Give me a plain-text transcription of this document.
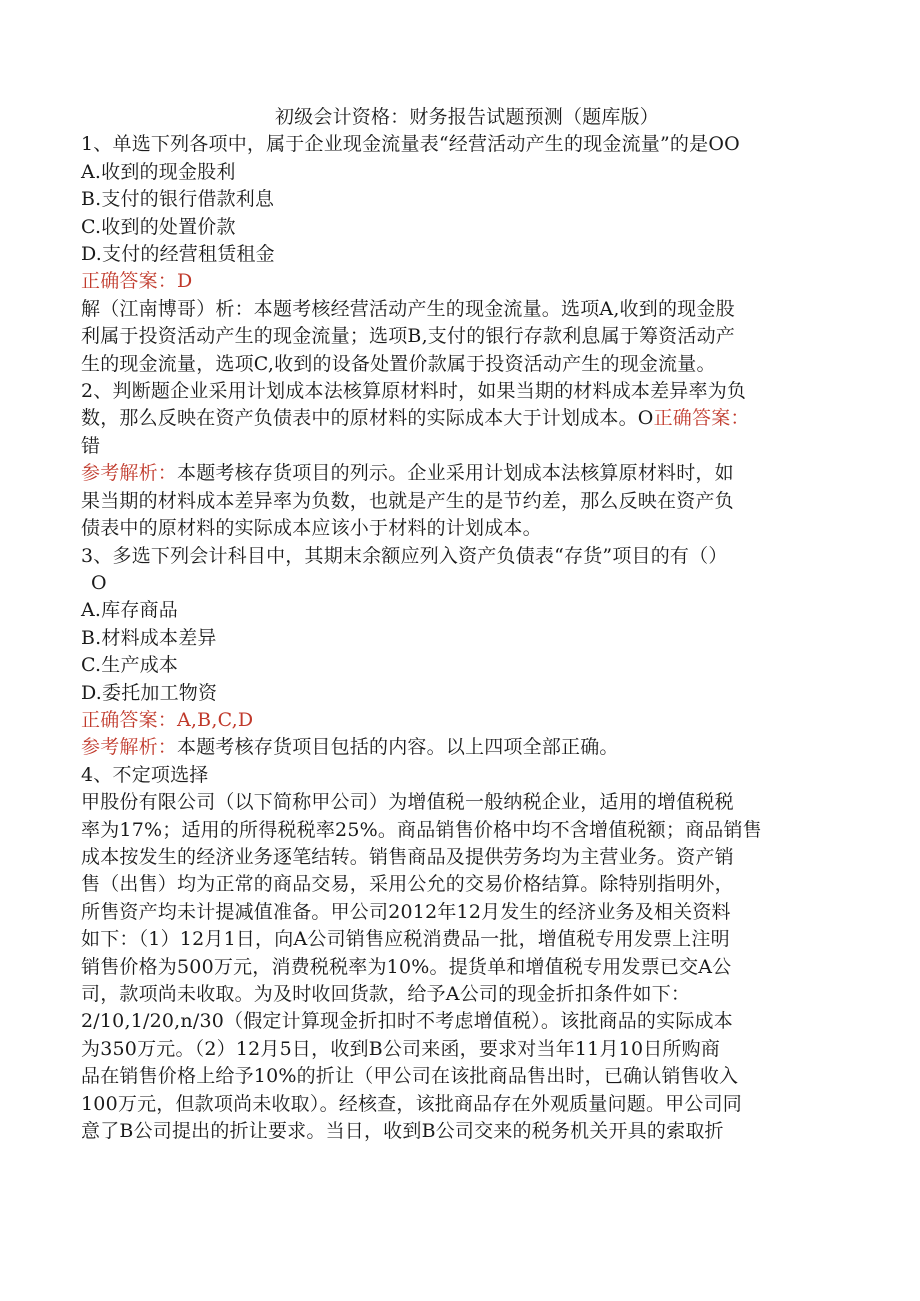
初级会计资格：财务报告试题预测（题库版）
1、单选下列各项中，属于企业现金流量表“经营活动产生的现金流量”的是OO
A.收到的现金股利
B.支付的银行借款利息
C.收到的处置价款
D.支付的经营租赁租金
正确答案：D
解（江南博哥）析：本题考核经营活动产生的现金流量。选项A,收到的现金股
利属于投资活动产生的现金流量；选项B,支付的银行存款利息属于筹资活动产
生的现金流量，选项C,收到的设备处置价款属于投资活动产生的现金流量。
2、判断题企业采用计划成本法核算原材料时，如果当期的材料成本差异率为负
数，那么反映在资产负债表中的原材料的实际成本大于计划成本。O正确答案：
错
参考解析：本题考核存货项目的列示。企业采用计划成本法核算原材料时，如
果当期的材料成本差异率为负数，也就是产生的是节约差，那么反映在资产负
债表中的原材料的实际成本应该小于材料的计划成本。
3、多选下列会计科目中，其期末余额应列入资产负债表“存货”项目的有（）
O
A.库存商品
B.材料成本差异
C.生产成本
D.委托加工物资
正确答案：A,B,C,D
参考解析：本题考核存货项目包括的内容。以上四项全部正确。
4、不定项选择
甲股份有限公司（以下简称甲公司）为增值税一般纳税企业，适用的增值税税
率为17%；适用的所得税税率25%。商品销售价格中均不含增值税额；商品销售
成本按发生的经济业务逐笔结转。销售商品及提供劳务均为主营业务。资产销
售（出售）均为正常的商品交易，采用公允的交易价格结算。除特别指明外，
所售资产均未计提减值准备。甲公司2012年12月发生的经济业务及相关资料
如下：（1）12月1日，向A公司销售应税消费品一批，增值税专用发票上注明
销售价格为500万元，消费税税率为10%。提货单和增值税专用发票已交A公
司，款项尚未收取。为及时收回货款，给予A公司的现金折扣条件如下：
2/10,1/20,n/30（假定计算现金折扣时不考虑增值税）。该批商品的实际成本
为350万元。（2）12月5日，收到B公司来函，要求对当年11月10日所购商
品在销售价格上给予10%的折让（甲公司在该批商品售出时，已确认销售收入
100万元，但款项尚未收取）。经核查，该批商品存在外观质量问题。甲公司同
意了B公司提出的折让要求。当日，收到B公司交来的税务机关开具的索取折
